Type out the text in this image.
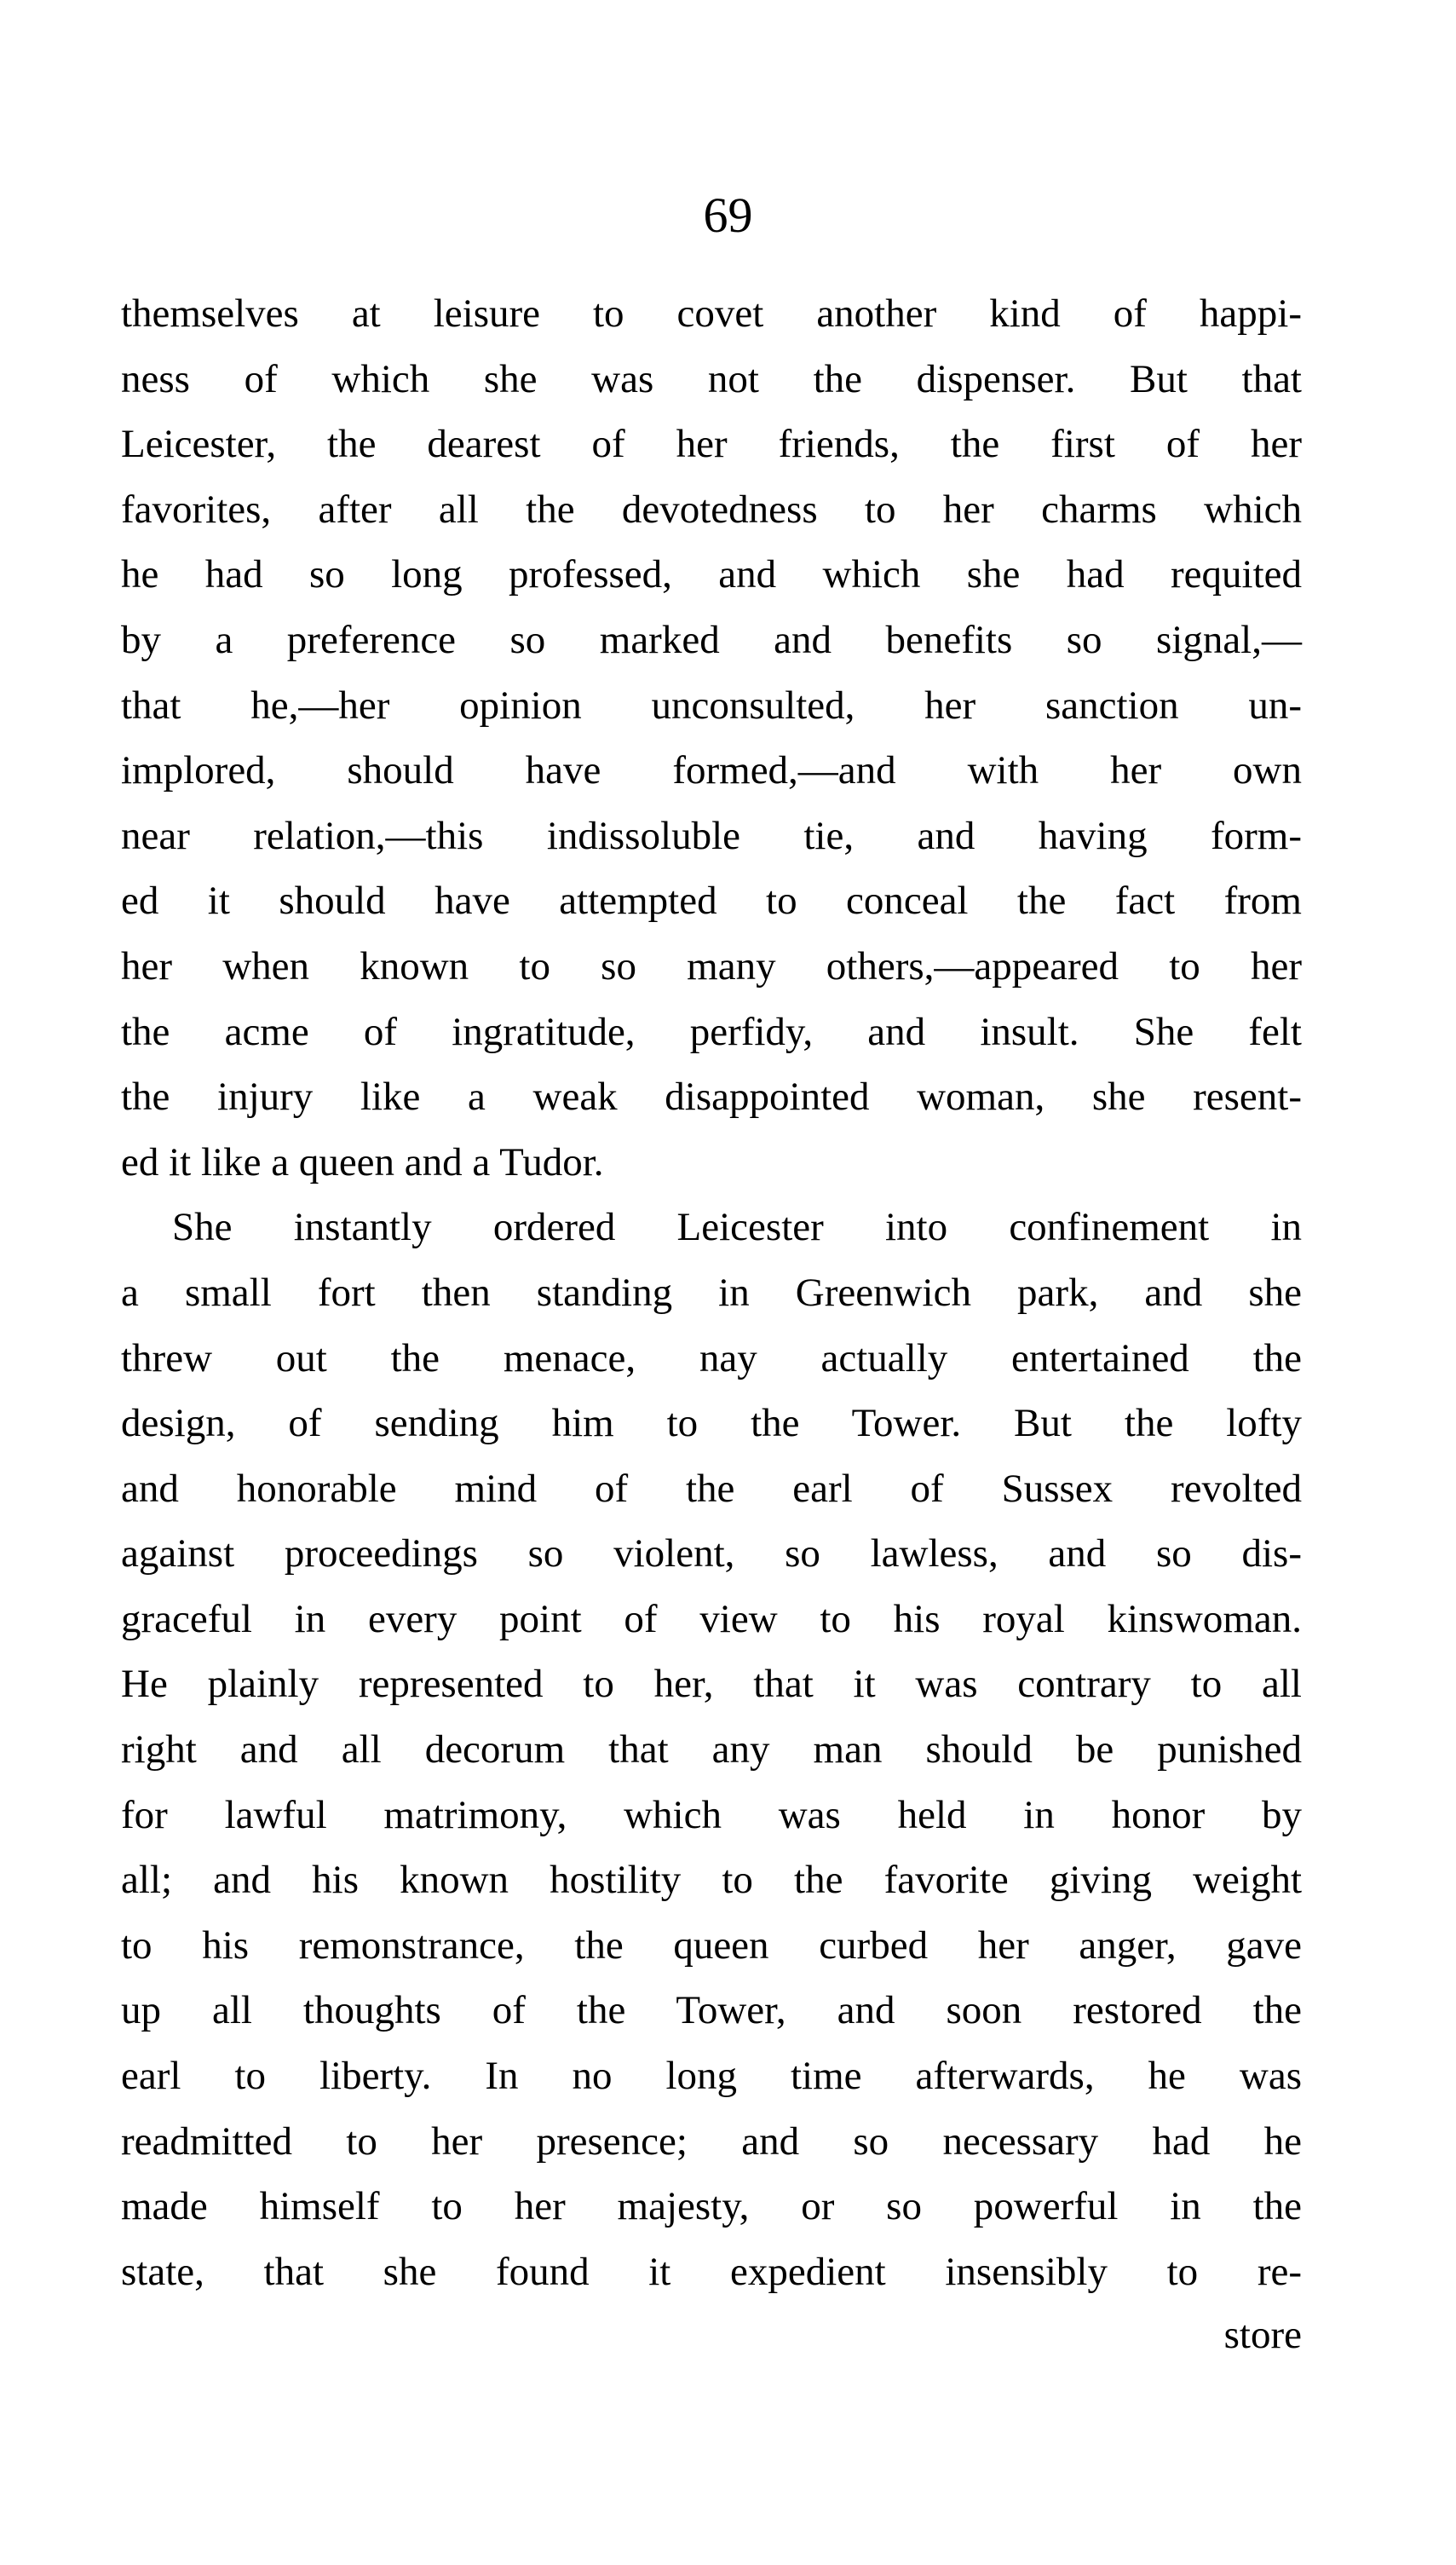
69
themselves at leisure to covet another kind of happi-
ness of which she was not the dispenser. But that
Leicester, the dearest of her friends, the first of her
favorites, after all the devotedness to her charms which
he had so long professed, and which she had requited
by a preference so marked and benefits so signal,—
that he,—her opinion unconsulted, her sanction un-
implored, should have formed,—and with her own
near relation,—this indissoluble tie, and having form-
ed it should have attempted to conceal the fact from
her when known to so many others,—appeared to her
the acme of ingratitude, perfidy, and insult. She felt
the injury like a weak disappointed woman, she resent-
ed it like a queen and a Tudor.
She instantly ordered Leicester into confinement in
a small fort then standing in Greenwich park, and she
threw out the menace, nay actually entertained the
design, of sending him to the Tower. But the lofty
and honorable mind of the earl of Sussex revolted
against proceedings so violent, so lawless, and so dis-
graceful in every point of view to his royal kinswoman.
He plainly represented to her, that it was contrary to all
right and all decorum that any man should be punished
for lawful matrimony, which was held in honor by
all; and his known hostility to the favorite giving weight
to his remonstrance, the queen curbed her anger, gave
up all thoughts of the Tower, and soon restored the
earl to liberty. In no long time afterwards, he was
readmitted to her presence; and so necessary had he
made himself to her majesty, or so powerful in the
state, that she found it expedient insensibly to re-
store
